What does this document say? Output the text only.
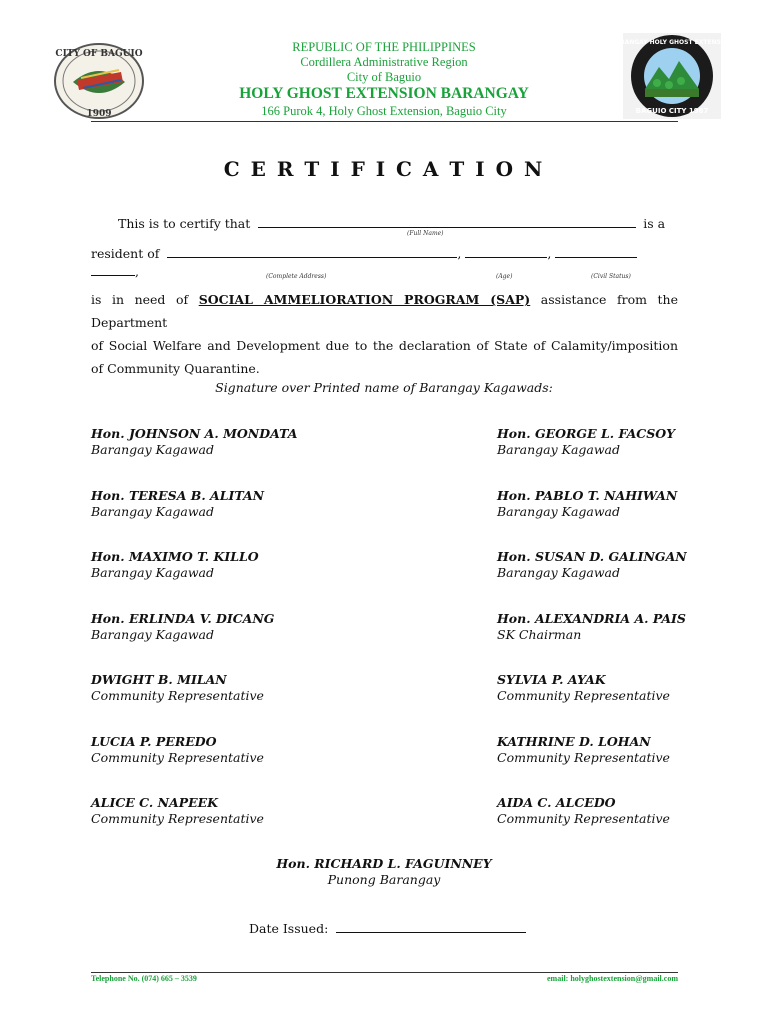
CITY OF BAGUIO
1909
BARANGAY HOLY GHOST EXTENSION
BAGUIO CITY 1987
REPUBLIC OF THE PHILIPPINES
Cordillera Administrative Region
City of Baguio
HOLY GHOST EXTENSION BARANGAY
166 Purok 4, Holy Ghost Extension, Baguio City
C E R T I F I C A T I O N
This is to certify that	is a
(Full Name)
resident of	,	,
,	(Complete Address)	(Age)	(Civil Status)
is in need of SOCIAL AMMELIORATION PROGRAM (SAP) assistance from the Department
of Social Welfare and Development due to the declaration of State of Calamity/imposition
of Community Quarantine.
Signature over Printed name of Barangay Kagawads:
Hon. JOHNSON A. MONDATA
Barangay Kagawad
Hon. TERESA B. ALITAN
Barangay Kagawad
Hon. MAXIMO T. KILLO
Barangay Kagawad
Hon. ERLINDA V. DICANG
Barangay Kagawad
DWIGHT B. MILAN
Community Representative
LUCIA P. PEREDO
Community Representative
ALICE C. NAPEEK
Community Representative
Hon. GEORGE L. FACSOY
Barangay Kagawad
Hon. PABLO T. NAHIWAN
Barangay Kagawad
Hon. SUSAN D. GALINGAN
Barangay Kagawad
Hon. ALEXANDRIA A. PAIS
SK Chairman
SYLVIA P. AYAK
Community Representative
KATHRINE D. LOHAN
Community Representative
AIDA C. ALCEDO
Community Representative
Hon. RICHARD L. FAGUINNEY
Punong Barangay
Date Issued:
Telephone No. (074) 665 – 3539	email: holyghostextension@gmail.com
